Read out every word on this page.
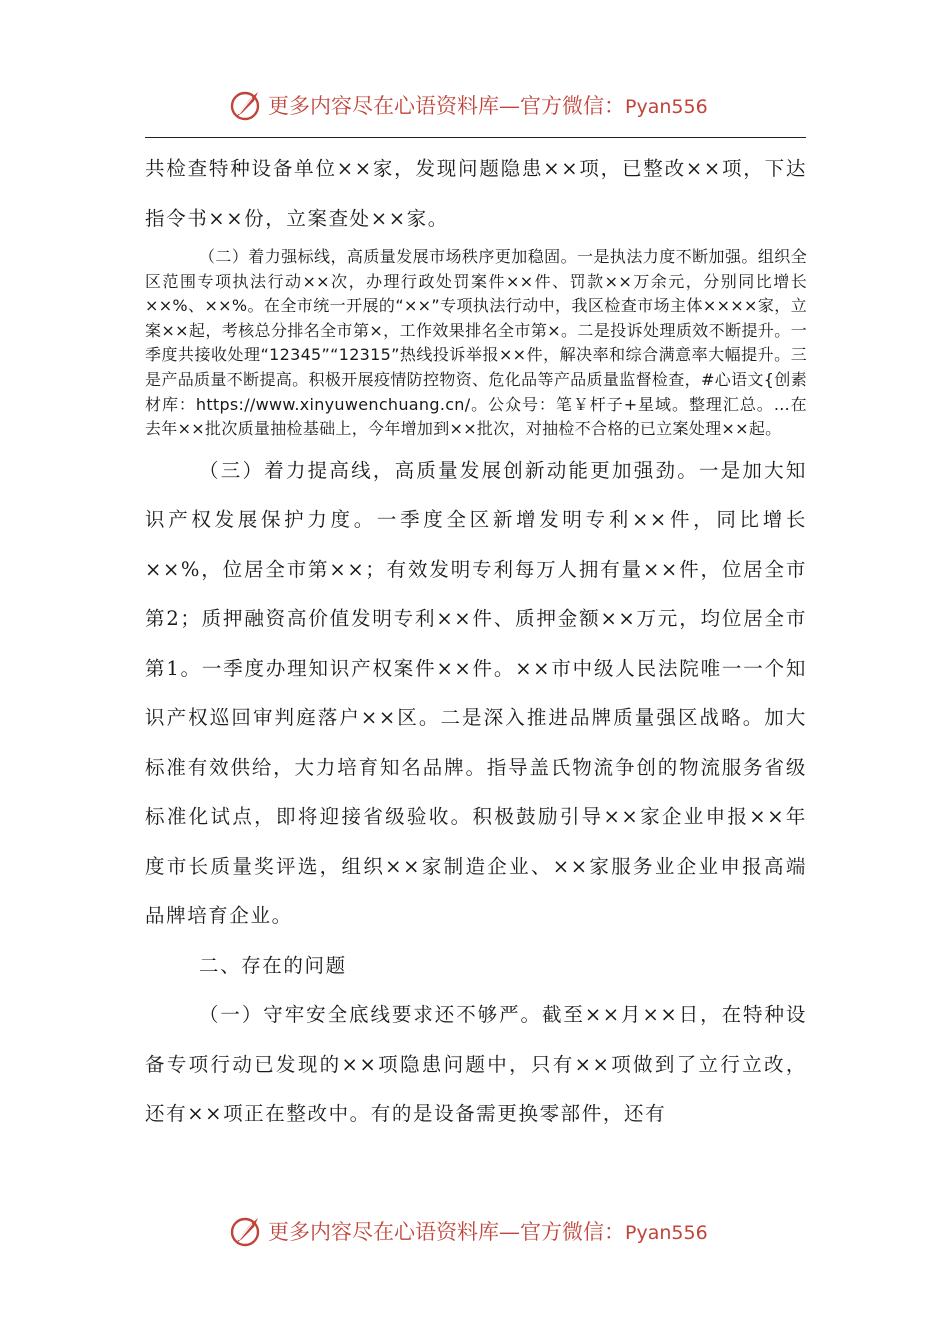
更多内容尽在心语资料库—官方微信：Pyan556

共检查特种设备单位××家，发现问题隐患××项，已整改××项，下达指令书××份，立案查处××家。

（二）着力强标线，高质量发展市场秩序更加稳固。一是执法力度不断加强。组织全区范围专项执法行动××次，办理行政处罚案件××件、罚款××万余元，分别同比增长××%、××%。在全市统一开展的“××”专项执法行动中，我区检查市场主体××××家，立案××起，考核总分排名全市第×，工作效果排名全市第×。二是投诉处理质效不断提升。一季度共接收处理“12345”“12315”热线投诉举报××件，解决率和综合满意率大幅提升。三是产品质量不断提高。积极开展疫情防控物资、危化品等产品质量监督检查，#心语文{创素材库：https://www.xinyuwenchuang.cn/。公众号：笔￥杆子+星域。整理汇总。…在去年××批次质量抽检基础上，今年增加到××批次，对抽检不合格的已立案处理××起。

（三）着力提高线，高质量发展创新动能更加强劲。一是加大知识产权发展保护力度。一季度全区新增发明专利××件，同比增长××%，位居全市第××；有效发明专利每万人拥有量××件，位居全市第2；质押融资高价值发明专利××件、质押金额××万元，均位居全市第1。一季度办理知识产权案件××件。××市中级人民法院唯一一个知识产权巡回审判庭落户××区。二是深入推进品牌质量强区战略。加大标准有效供给，大力培育知名品牌。指导盖氏物流争创的物流服务省级标准化试点，即将迎接省级验收。积极鼓励引导××家企业申报××年度市长质量奖评选，组织××家制造企业、××家服务业企业申报高端品牌培育企业。

二、存在的问题

（一）守牢安全底线要求还不够严。截至××月××日，在特种设备专项行动已发现的××项隐患问题中，只有××项做到了立行立改，还有××项正在整改中。有的是设备需更换零部件，还有

更多内容尽在心语资料库—官方微信：Pyan556
